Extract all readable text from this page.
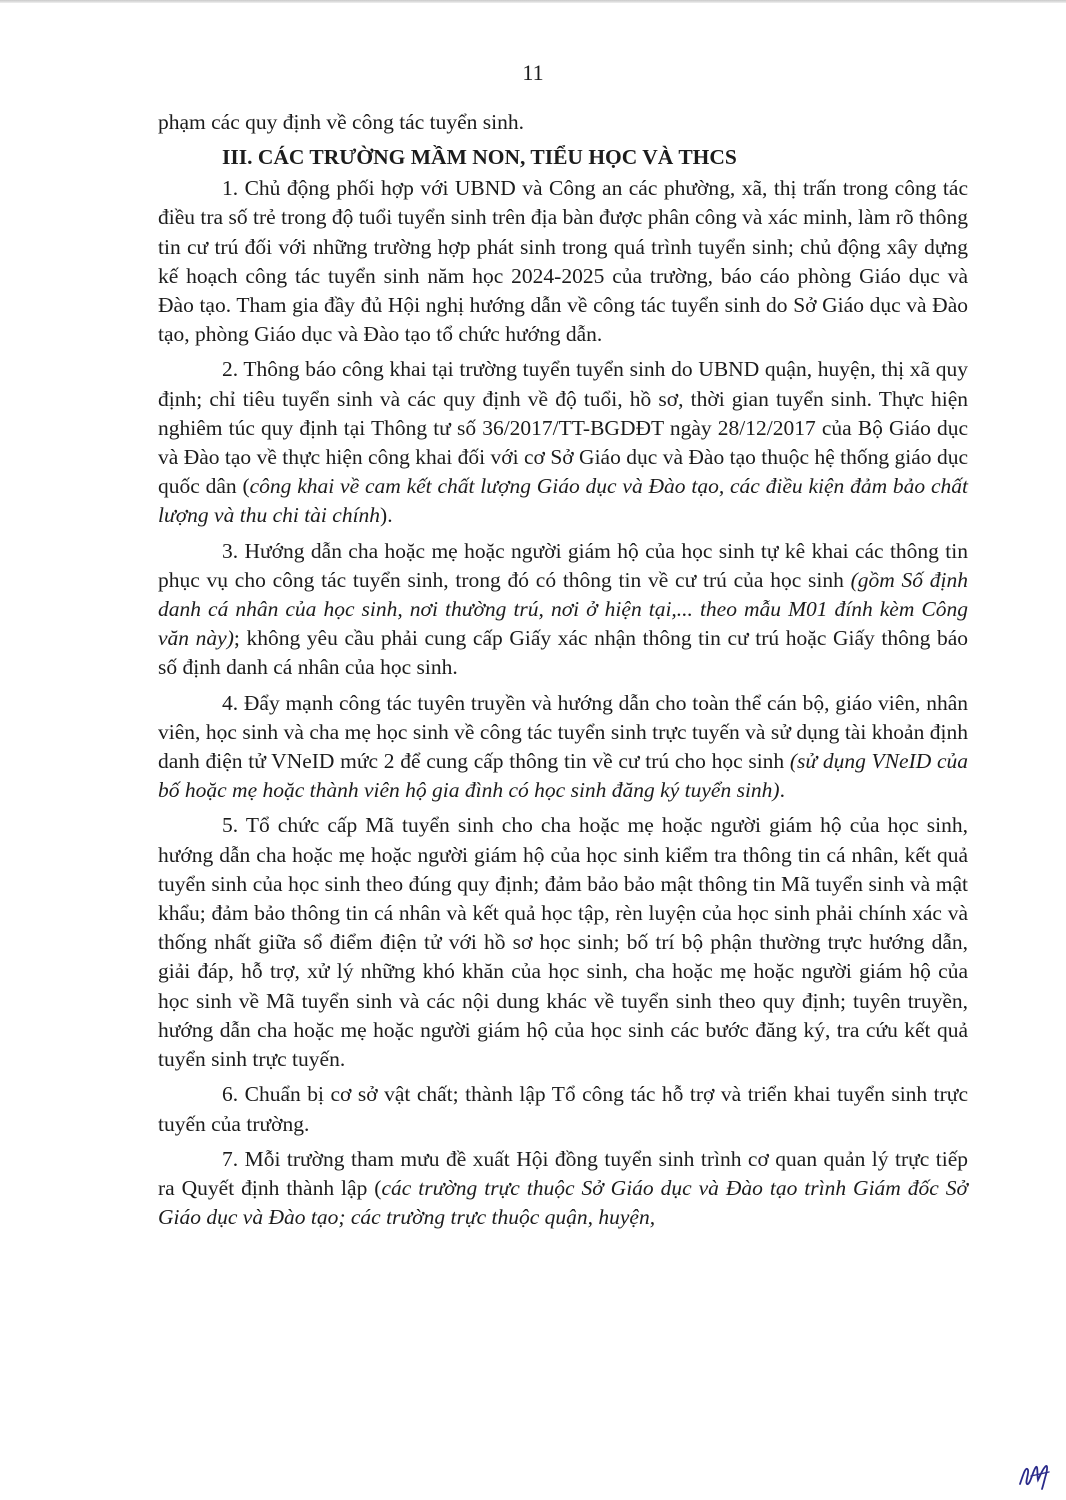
11

phạm các quy định về công tác tuyển sinh.

III. CÁC TRƯỜNG MẦM NON, TIỂU HỌC VÀ THCS

1. Chủ động phối hợp với UBND và Công an các phường, xã, thị trấn trong công tác điều tra số trẻ trong độ tuổi tuyển sinh trên địa bàn được phân công và xác minh, làm rõ thông tin cư trú đối với những trường hợp phát sinh trong quá trình tuyển sinh; chủ động xây dựng kế hoạch công tác tuyển sinh năm học 2024-2025 của trường, báo cáo phòng Giáo dục và Đào tạo. Tham gia đầy đủ Hội nghị hướng dẫn về công tác tuyển sinh do Sở Giáo dục và Đào tạo, phòng Giáo dục và Đào tạo tổ chức hướng dẫn.

2. Thông báo công khai tại trường tuyển tuyển sinh do UBND quận, huyện, thị xã quy định; chỉ tiêu tuyển sinh và các quy định về độ tuổi, hồ sơ, thời gian tuyển sinh. Thực hiện nghiêm túc quy định tại Thông tư số 36/2017/TT-BGDĐT ngày 28/12/2017 của Bộ Giáo dục và Đào tạo về thực hiện công khai đối với cơ Sở Giáo dục và Đào tạo thuộc hệ thống giáo dục quốc dân (công khai về cam kết chất lượng Giáo dục và Đào tạo, các điều kiện đảm bảo chất lượng và thu chi tài chính).

3. Hướng dẫn cha hoặc mẹ hoặc người giám hộ của học sinh tự kê khai các thông tin phục vụ cho công tác tuyển sinh, trong đó có thông tin về cư trú của học sinh (gồm Số định danh cá nhân của học sinh, nơi thường trú, nơi ở hiện tại,... theo mẫu M01 đính kèm Công văn này); không yêu cầu phải cung cấp Giấy xác nhận thông tin cư trú hoặc Giấy thông báo số định danh cá nhân của học sinh.

4. Đẩy mạnh công tác tuyên truyền và hướng dẫn cho toàn thể cán bộ, giáo viên, nhân viên, học sinh và cha mẹ học sinh về công tác tuyển sinh trực tuyến và sử dụng tài khoản định danh điện tử VNeID mức 2 để cung cấp thông tin về cư trú cho học sinh (sử dụng VNeID của bố hoặc mẹ hoặc thành viên hộ gia đình có học sinh đăng ký tuyển sinh).

5. Tổ chức cấp Mã tuyển sinh cho cha hoặc mẹ hoặc người giám hộ của học sinh, hướng dẫn cha hoặc mẹ hoặc người giám hộ của học sinh kiểm tra thông tin cá nhân, kết quả tuyển sinh của học sinh theo đúng quy định; đảm bảo bảo mật thông tin Mã tuyển sinh và mật khẩu; đảm bảo thông tin cá nhân và kết quả học tập, rèn luyện của học sinh phải chính xác và thống nhất giữa sổ điểm điện tử với hồ sơ học sinh; bố trí bộ phận thường trực hướng dẫn, giải đáp, hỗ trợ, xử lý những khó khăn của học sinh, cha hoặc mẹ hoặc người giám hộ của học sinh về Mã tuyển sinh và các nội dung khác về tuyển sinh theo quy định; tuyên truyền, hướng dẫn cha hoặc mẹ hoặc người giám hộ của học sinh các bước đăng ký, tra cứu kết quả tuyển sinh trực tuyến.

6. Chuẩn bị cơ sở vật chất; thành lập Tổ công tác hỗ trợ và triển khai tuyển sinh trực tuyến của trường.

7. Mỗi trường tham mưu đề xuất Hội đồng tuyển sinh trình cơ quan quản lý trực tiếp ra Quyết định thành lập (các trường trực thuộc Sở Giáo dục và Đào tạo trình Giám đốc Sở Giáo dục và Đào tạo; các trường trực thuộc quận, huyện,
